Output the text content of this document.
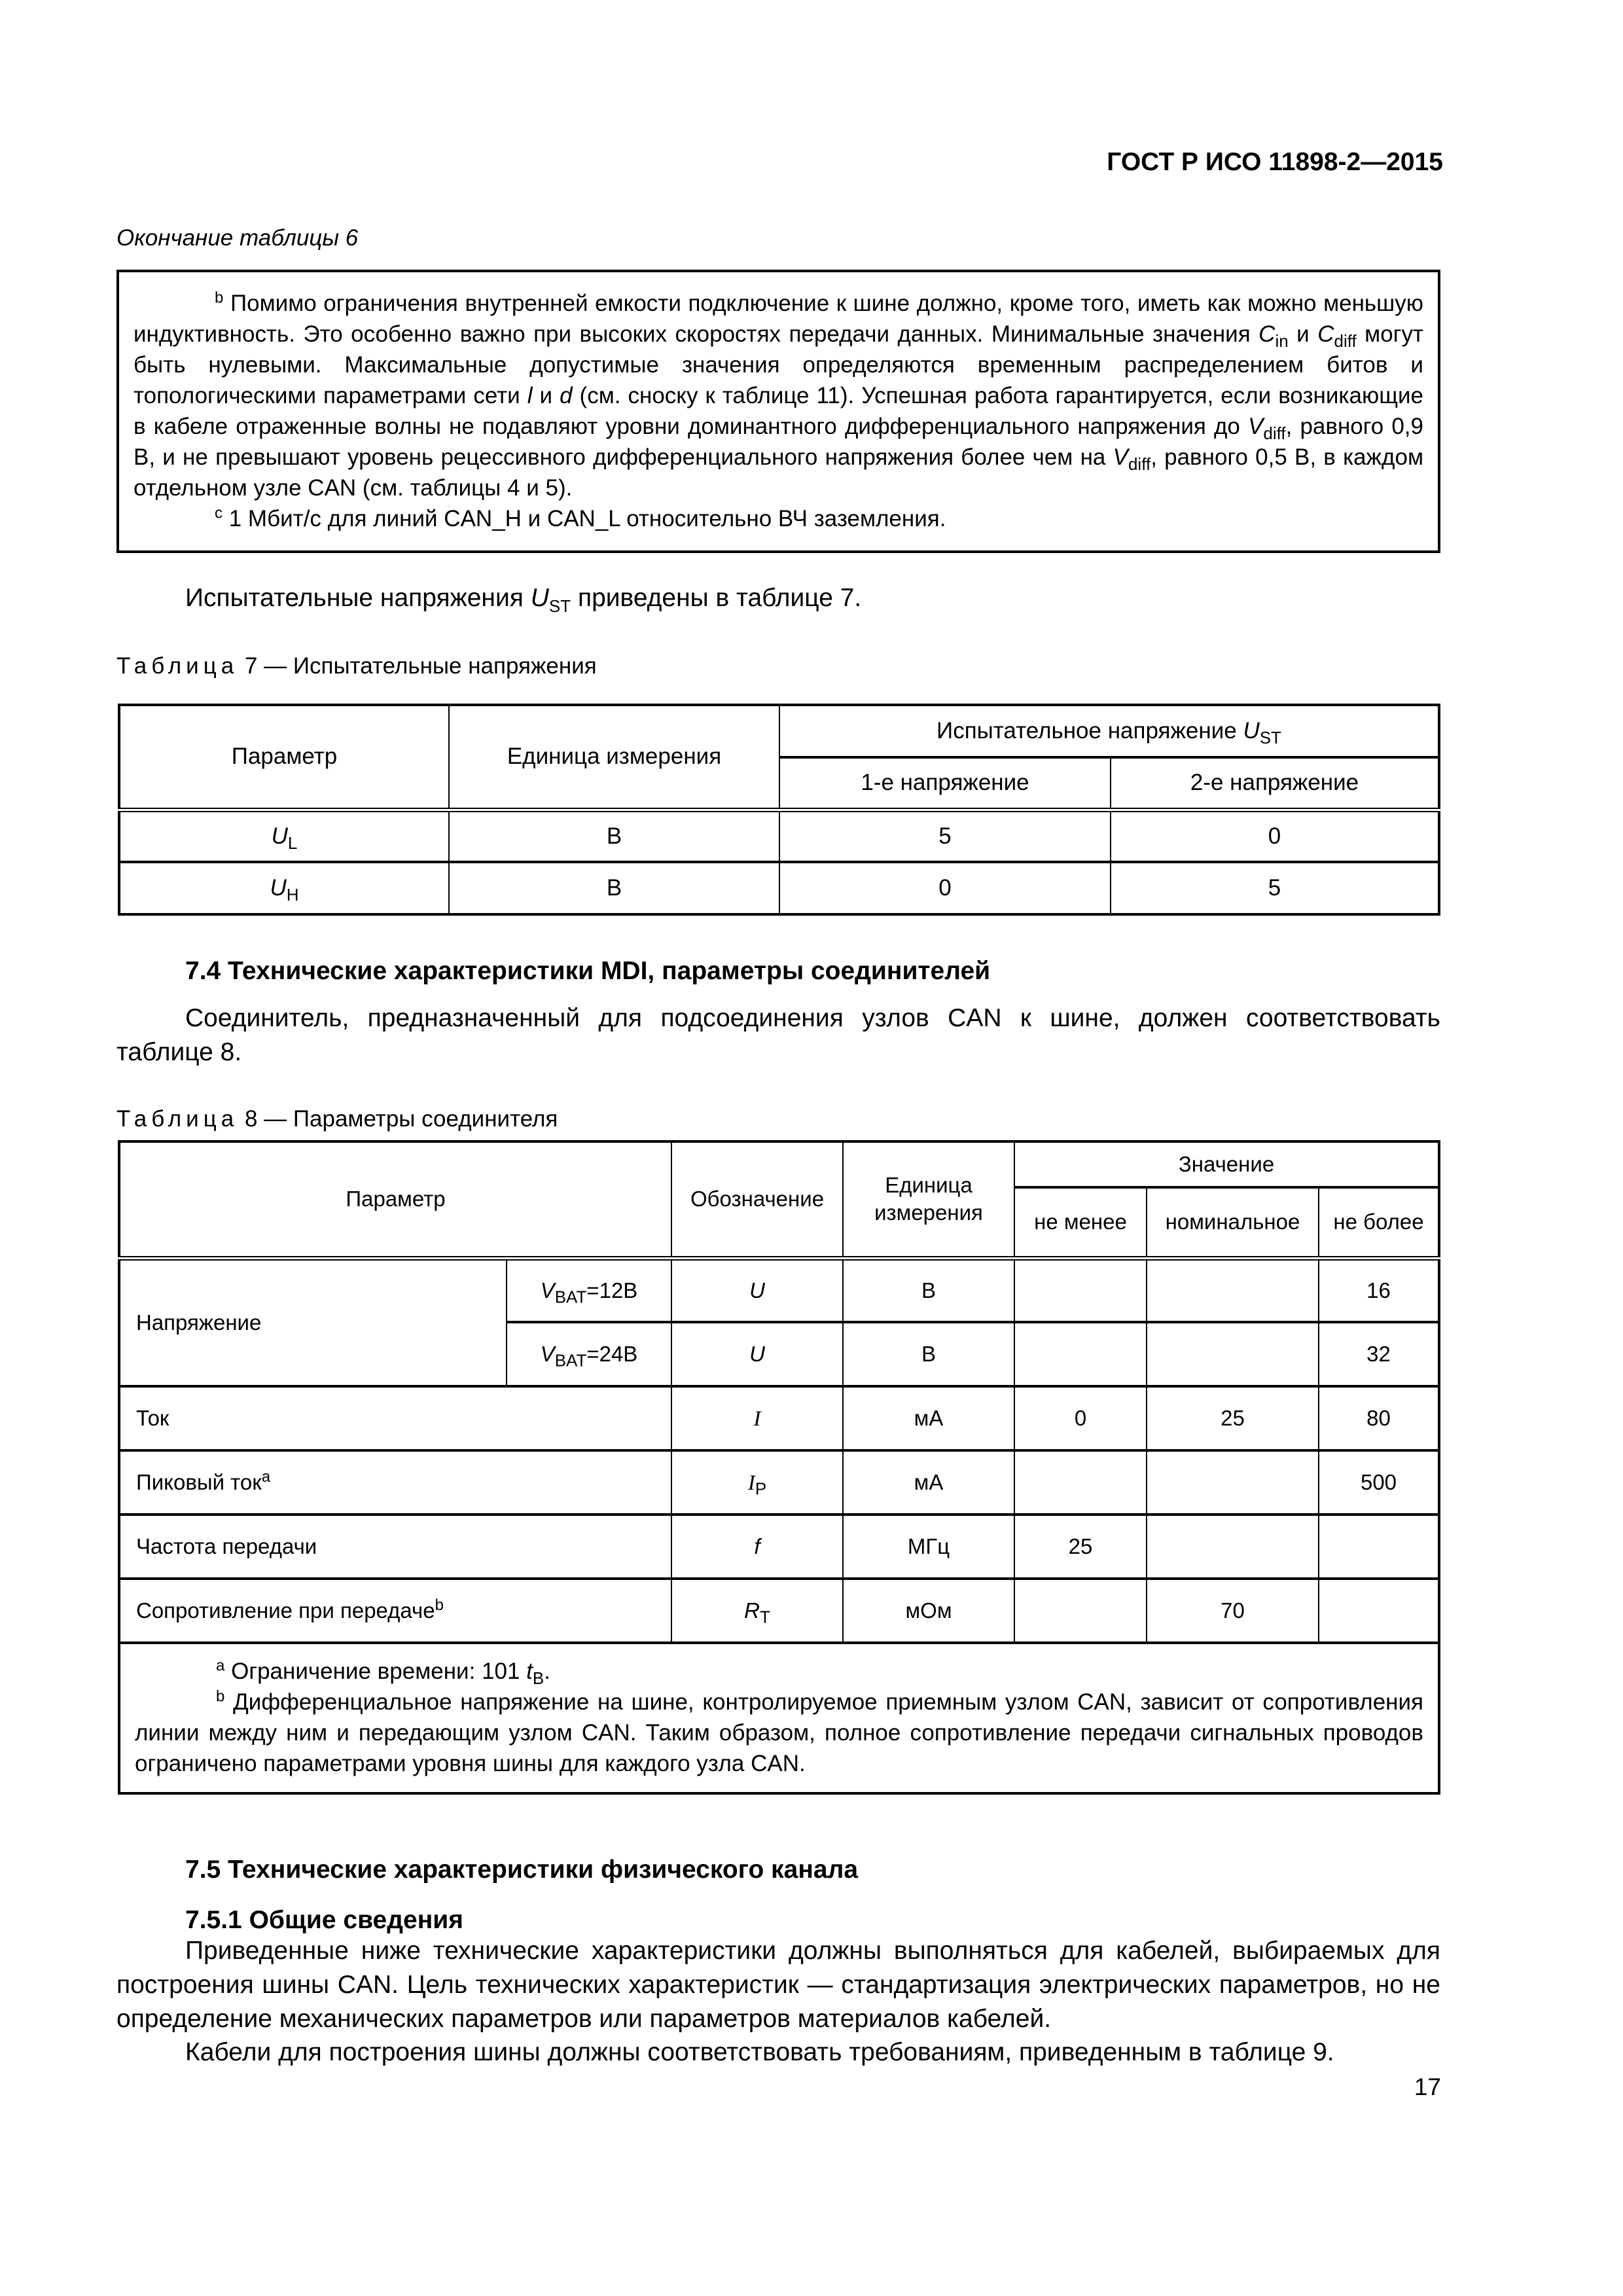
ГОСТ Р ИСО 11898-2—2015
Окончание таблицы 6

$^b$ Помимо ограничения внутренней емкости подключение к шине должно, кроме того, иметь как можно меньшую индуктивность. Это особенно важно при высоких скоростях передачи данных. Минимальные значения $C_{in}$ и $C_{diff}$ могут быть нулевыми. Максимальные допустимые значения определяются временным распределением битов и топологическими параметрами сети l и d (см. сноску к таблице 11). Успешная работа гарантируется, если возникающие в кабеле отраженные волны не подавляют уровни доминантного дифференциального напряжения до $V_{diff}$, равного 0,9 В, и не превышают уровень рецессивного дифференциального напряжения более чем на $V_{diff}$, равного 0,5 В, в каждом отдельном узле CAN (см. таблицы 4 и 5).

$^c$ 1 Мбит/с для линий CAN_H и CAN_L относительно ВЧ заземления.

Испытательные напряжения $U_{ST}$ приведены в таблице 7.
Таблица 7 — Испытательные напряжения
Параметр	Единица измерения	Испытательное напряжение $U_{ST}$
		1-е напряжение	2-е напряжение
$U_L$	В	5	0
$U_H$	В	0	5
7.4 Технические характеристики MDI, параметры соединителей
Соединитель, предназначенный для подсоединения узлов CAN к шине, должен соответствовать таблице 8.
Таблица 8 — Параметры соединителя
Параметр		Обозначение	Единица измерения	Значение		
				не менее	номинальное	не более
Напряжение	$V_{BAT}=12В$	U	В			16
	$V_{BAT}=24В$	U	В			32
Ток		I	мА	0	25	80
Пиковый ток$^a$		$I_P$	мА			500
Частота передачи		f	МГц	25		
Сопротивление при передаче$^b$		$R_T$	мОм		70	

$^a$ Ограничение времени: 101 $t_B$.

$^b$ Дифференциальное напряжение на шине, контролируемое приемным узлом CAN, зависит от сопротивления линии между ним и передающим узлом CAN. Таким образом, полное сопротивление передачи сигнальных проводов ограничено параметрами уровня шины для каждого узла CAN.						

7.5 Технические характеристики физического канала
7.5.1 Общие сведения
Приведенные ниже технические характеристики должны выполняться для кабелей, выбираемых для построения шины CAN. Цель технических характеристик — стандартизация электрических параметров, но не определение механических параметров или параметров материалов кабелей.
Кабели для построения шины должны соответствовать требованиям, приведенным в таблице 9.
17
